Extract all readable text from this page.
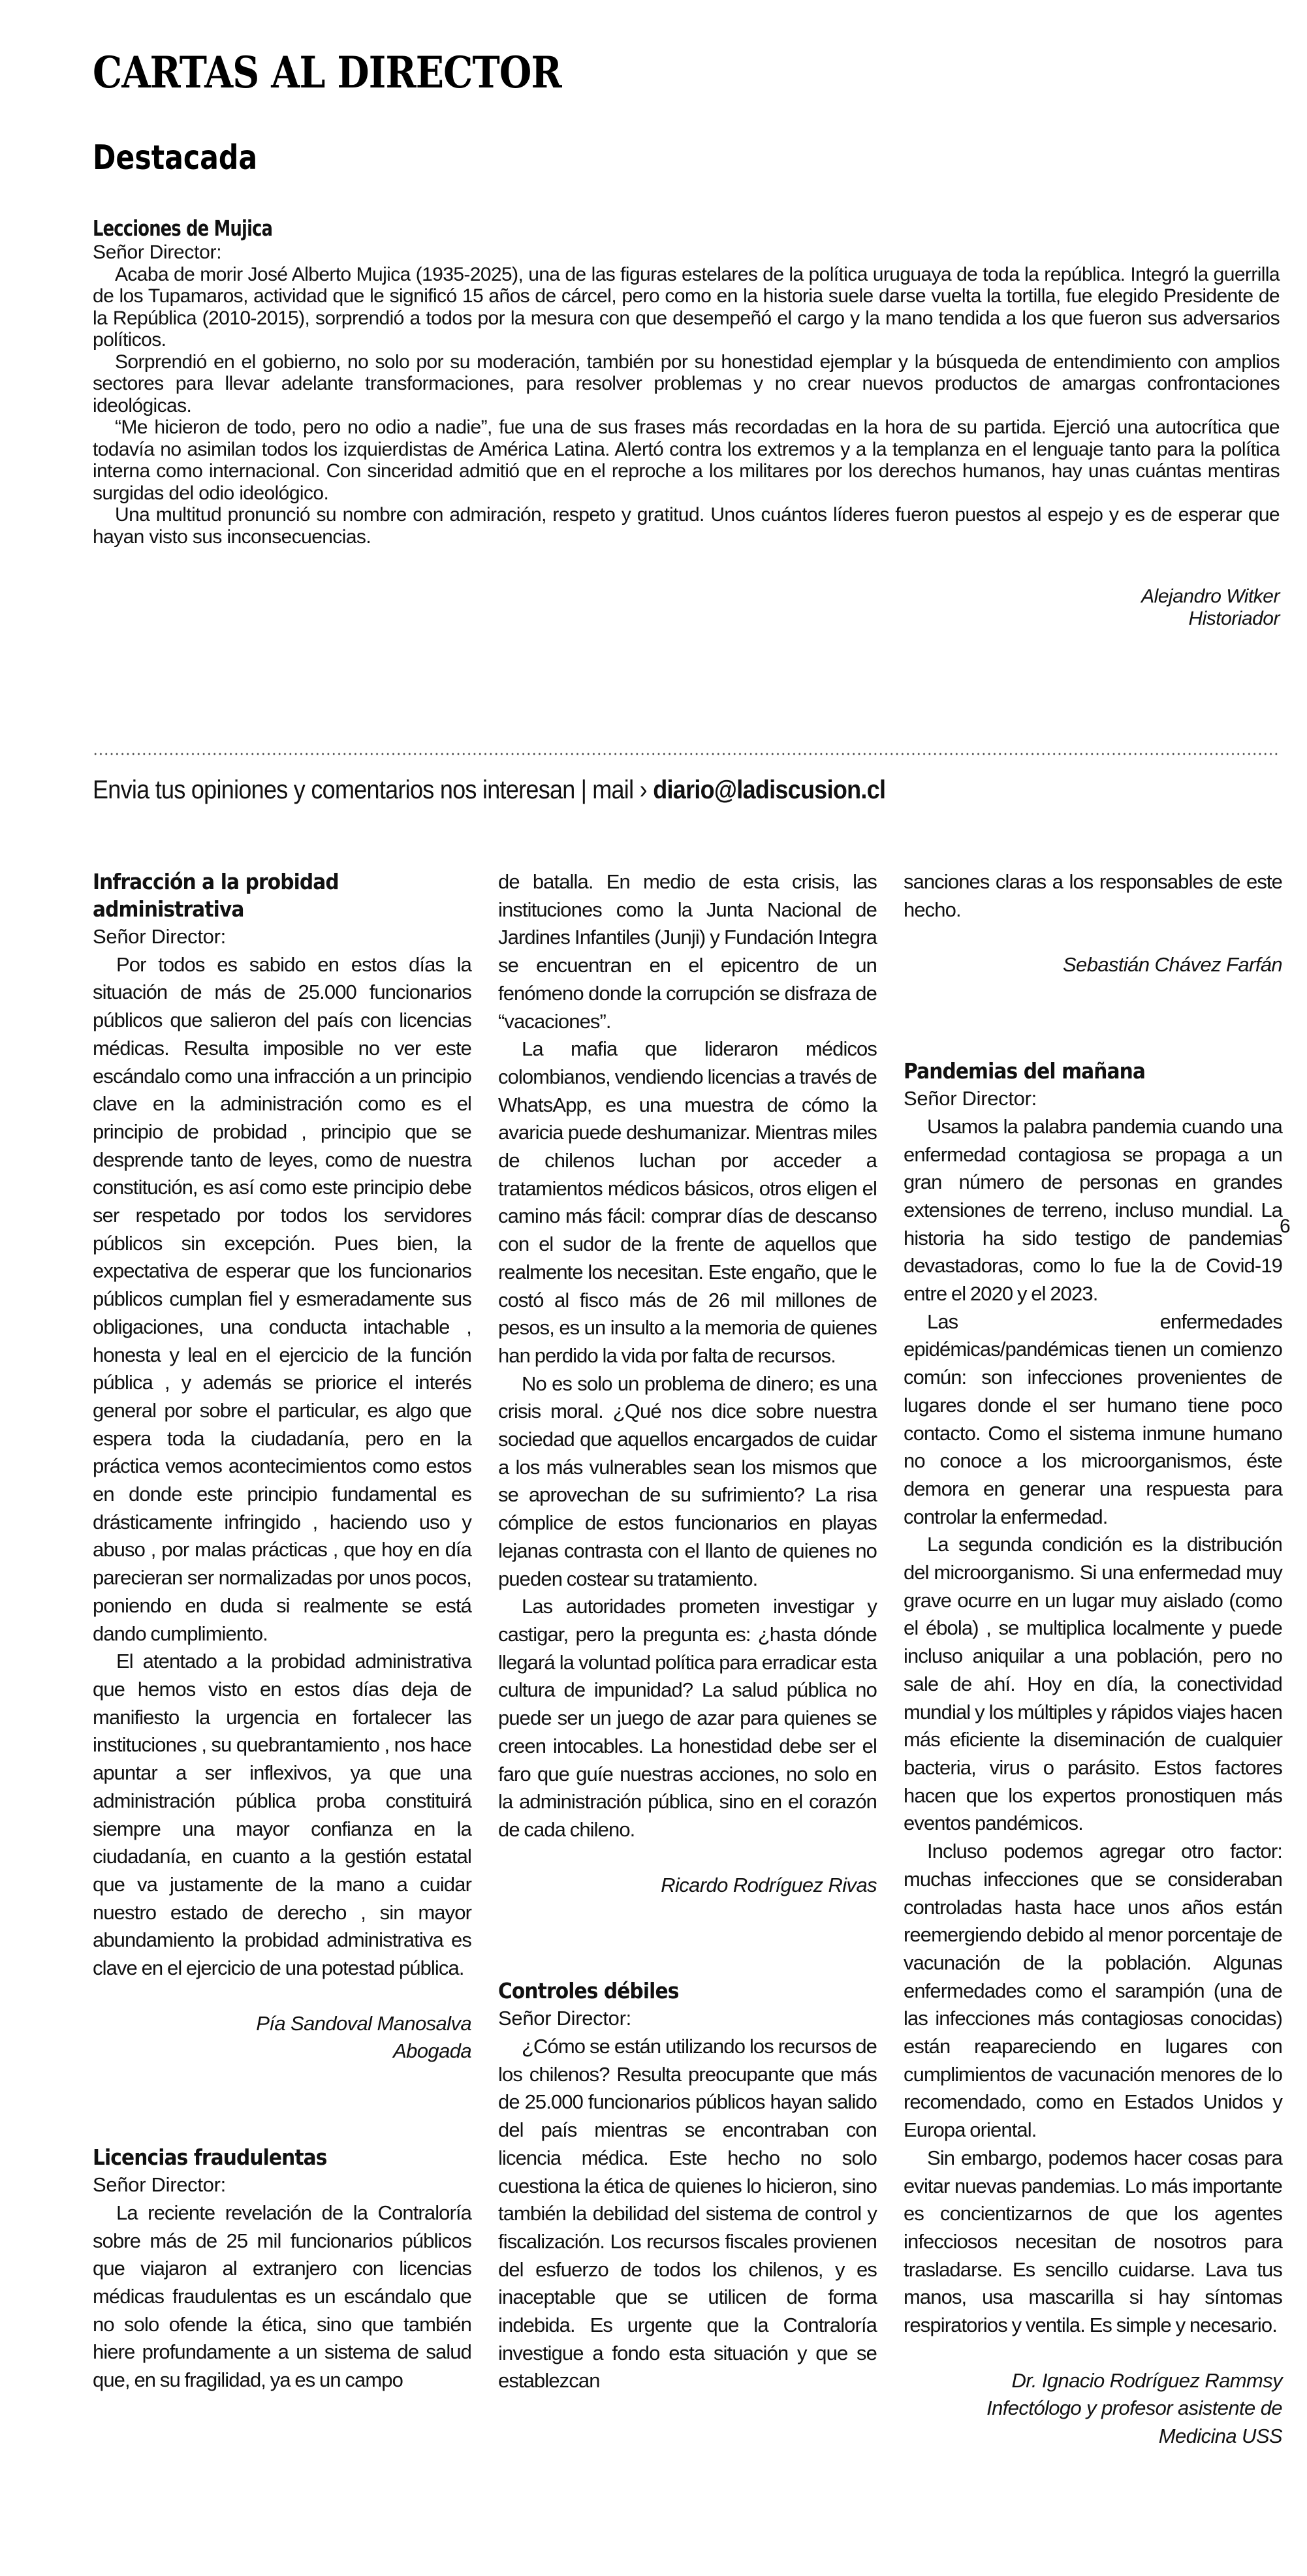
CARTAS AL DIRECTOR
Destacada
Lecciones de Mujica
Señor Director:

Acaba de morir José Alberto Mujica (1935-2025), una de las figuras estelares de la política uruguaya de toda la república. Integró la guerrilla de los Tupamaros, actividad que le significó 15 años de cárcel, pero como en la historia suele darse vuelta la tortilla, fue elegido Presidente de la República (2010-2015), sorprendió a todos por la mesura con que desempeñó el cargo y la mano tendida a los que fueron sus adversarios políticos.

Sorprendió en el gobierno, no solo por su moderación, también por su honestidad ejemplar y la búsqueda de entendimiento con amplios sectores para llevar adelante transformaciones, para resolver problemas y no crear nuevos productos de amargas confrontaciones ideológicas.

“Me hicieron de todo, pero no odio a nadie”, fue una de sus frases más recordadas en la hora de su partida. Ejerció una autocrítica que todavía no asimilan todos los izquierdistas de América Latina. Alertó contra los extremos y a la templanza en el lenguaje tanto para la política interna como internacional. Con sinceridad admitió que en el reproche a los militares por los derechos humanos, hay unas cuántas mentiras surgidas del odio ideológico.

Una multitud pronunció su nombre con admiración, respeto y gratitud. Unos cuántos líderes fueron puestos al espejo y es de esperar que hayan visto sus inconsecuencias.

Alejandro Witker
Historiador
Envia tus opiniones y comentarios nos interesan | mail › diario@ladiscusion.cl
Infracción a la probidad administrativa
Señor Director:

Por todos es sabido en estos días la situación de más de 25.000 funcionarios públicos que salieron del país con licencias médicas. Resulta imposible no ver este escándalo como una infracción a un principio clave en la administración como es el principio de probidad , principio que se desprende tanto de leyes, como de nuestra constitución, es así como este principio debe ser respetado por todos los servidores públicos sin excepción. Pues bien, la expectativa de esperar que los funcionarios públicos cumplan fiel y esmeradamente sus obligaciones, una conducta intachable , honesta y leal en el ejercicio de la función pública , y además se priorice el interés general por sobre el particular, es algo que espera toda la ciudadanía, pero en la práctica vemos acontecimientos como estos en donde este principio fundamental es drásticamente infringido , haciendo uso y abuso , por malas prácticas , que hoy en día parecieran ser normalizadas por unos pocos, poniendo en duda si realmente se está dando cumplimiento.

El atentado a la probidad administrativa que hemos visto en estos días deja de manifiesto la urgencia en fortalecer las instituciones , su quebrantamiento , nos hace apuntar a ser inflexivos, ya que una administración pública proba constituirá siempre una mayor confianza en la ciudadanía, en cuanto a la gestión estatal que va justamente de la mano a cuidar nuestro estado de derecho , sin mayor abundamiento la probidad administrativa es clave en el ejercicio de una potestad pública.

Pía Sandoval Manosalva
Abogada
Licencias fraudulentas
Señor Director:

La reciente revelación de la Contraloría sobre más de 25 mil funcionarios públicos que viajaron al extranjero con licencias médicas fraudulentas es un escándalo que no solo ofende la ética, sino que también hiere profundamente a un sistema de salud que, en su fragilidad, ya es un campo

de batalla. En medio de esta crisis, las instituciones como la Junta Nacional de Jardines Infantiles (Junji) y Fundación Integra se encuentran en el epicentro de un fenómeno donde la corrupción se disfraza de “vacaciones”.

La mafia que lideraron médicos colombianos, vendiendo licencias a través de WhatsApp, es una muestra de cómo la avaricia puede deshumanizar. Mientras miles de chilenos luchan por acceder a tratamientos médicos básicos, otros eligen el camino más fácil: comprar días de descanso con el sudor de la frente de aquellos que realmente los necesitan. Este engaño, que le costó al fisco más de 26 mil millones de pesos, es un insulto a la memoria de quienes han perdido la vida por falta de recursos.

No es solo un problema de dinero; es una crisis moral. ¿Qué nos dice sobre nuestra sociedad que aquellos encargados de cuidar a los más vulnerables sean los mismos que se aprovechan de su sufrimiento? La risa cómplice de estos funcionarios en playas lejanas contrasta con el llanto de quienes no pueden costear su tratamiento.

Las autoridades prometen investigar y castigar, pero la pregunta es: ¿hasta dónde llegará la voluntad política para erradicar esta cultura de impunidad? La salud pública no puede ser un juego de azar para quienes se creen intocables. La honestidad debe ser el faro que guíe nuestras acciones, no solo en la administración pública, sino en el corazón de cada chileno.

Ricardo Rodríguez Rivas
Controles débiles
Señor Director:

¿Cómo se están utilizando los recursos de los chilenos? Resulta preocupante que más de 25.000 funcionarios públicos hayan salido del país mientras se encontraban con licencia médica. Este hecho no solo cuestiona la ética de quienes lo hicieron, sino también la debilidad del sistema de control y fiscalización. Los recursos fiscales provienen del esfuerzo de todos los chilenos, y es inaceptable que se utilicen de forma indebida. Es urgente que la Contraloría investigue a fondo esta situación y que se establezcan

sanciones claras a los responsables de este hecho.

Sebastián Chávez Farfán
Pandemias del mañana
Señor Director:

Usamos la palabra pandemia cuando una enfermedad contagiosa se propaga a un gran número de personas en grandes extensiones de terreno, incluso mundial. La historia ha sido testigo de pandemias devastadoras, como lo fue la de Covid-19 entre el 2020 y el 2023.

Las enfermedades epidémicas/pandémicas tienen un comienzo común: son infecciones provenientes de lugares donde el ser humano tiene poco contacto. Como el sistema inmune humano no conoce a los microorganismos, éste demora en generar una respuesta para controlar la enfermedad.

La segunda condición es la distribución del microorganismo. Si una enfermedad muy grave ocurre en un lugar muy aislado (como el ébola) , se multiplica localmente y puede incluso aniquilar a una población, pero no sale de ahí. Hoy en día, la conectividad mundial y los múltiples y rápidos viajes hacen más eficiente la diseminación de cualquier bacteria, virus o parásito. Estos factores hacen que los expertos pronostiquen más eventos pandémicos.

Incluso podemos agregar otro factor: muchas infecciones que se consideraban controladas hasta hace unos años están reemergiendo debido al menor porcentaje de vacunación de la población. Algunas enfermedades como el sarampión (una de las infecciones más contagiosas conocidas) están reapareciendo en lugares con cumplimientos de vacunación menores de lo recomendado, como en Estados Unidos y Europa oriental.

Sin embargo, podemos hacer cosas para evitar nuevas pandemias. Lo más importante es concientizarnos de que los agentes infecciosos necesitan de nosotros para trasladarse. Es sencillo cuidarse. Lava tus manos, usa mascarilla si hay síntomas respiratorios y ventila. Es simple y necesario.

Dr. Ignacio Rodríguez Rammsy
Infectólogo y profesor asistente de Medicina USS
6
